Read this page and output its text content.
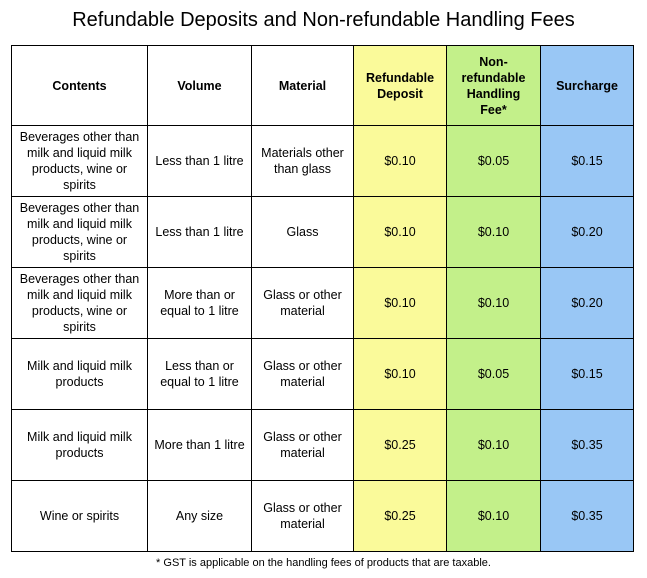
Refundable Deposits and Non-refundable Handling Fees
Contents	Volume	Material	Refundable Deposit	Non-refundable Handling Fee*	Surcharge
Beverages other than milk and liquid milk products, wine or spirits	Less than 1 litre	Materials other than glass	$0.10	$0.05	$0.15
Beverages other than milk and liquid milk products, wine or spirits	Less than 1 litre	Glass	$0.10	$0.10	$0.20
Beverages other than milk and liquid milk products, wine or spirits	More than or equal to 1 litre	Glass or other material	$0.10	$0.10	$0.20
Milk and liquid milk products	Less than or equal to 1 litre	Glass or other material	$0.10	$0.05	$0.15
Milk and liquid milk products	More than 1 litre	Glass or other material	$0.25	$0.10	$0.35
Wine or spirits	Any size	Glass or other material	$0.25	$0.10	$0.35
* GST is applicable on the handling fees of products that are taxable.
